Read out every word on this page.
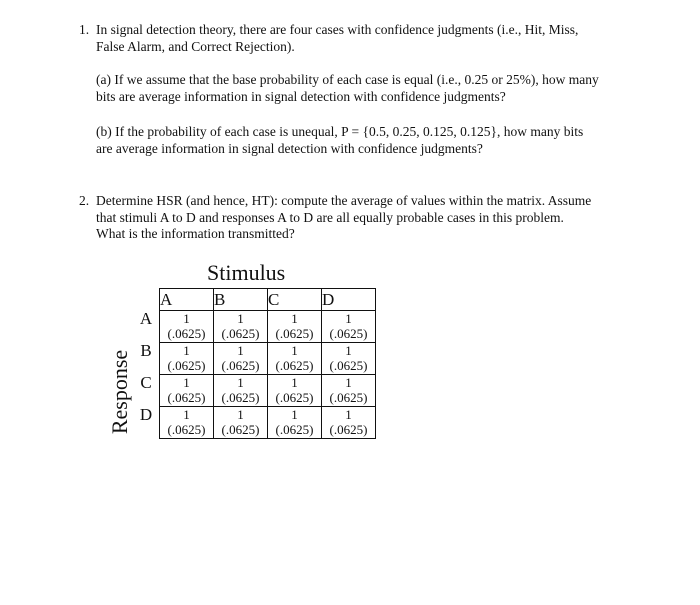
1. In signal detection theory, there are four cases with confidence judgments (i.e., Hit, Miss,

False Alarm, and Correct Rejection).

(a) If we assume that the base probability of each case is equal (i.e., 0.25 or 25%), how many

bits are average information in signal detection with confidence judgments?

(b) If the probability of each case is unequal, P = {0.5, 0.25, 0.125, 0.125}, how many bits

are average information in signal detection with confidence judgments?

2. Determine HSR (and hence, HT): compute the average of values within the matrix. Assume

that stimuli A to D and responses A to D are all equally probable cases in this problem.

What is the information transmitted?

Stimulus
Response
	A	B	C	D
A	1
(.0625)	1
(.0625)	1
(.0625)	1
(.0625)

B	1
(.0625)	1
(.0625)	1
(.0625)	1
(.0625)

C	1
(.0625)	1
(.0625)	1
(.0625)	1
(.0625)

D	1
(.0625)	1
(.0625)	1
(.0625)	1
(.0625)
